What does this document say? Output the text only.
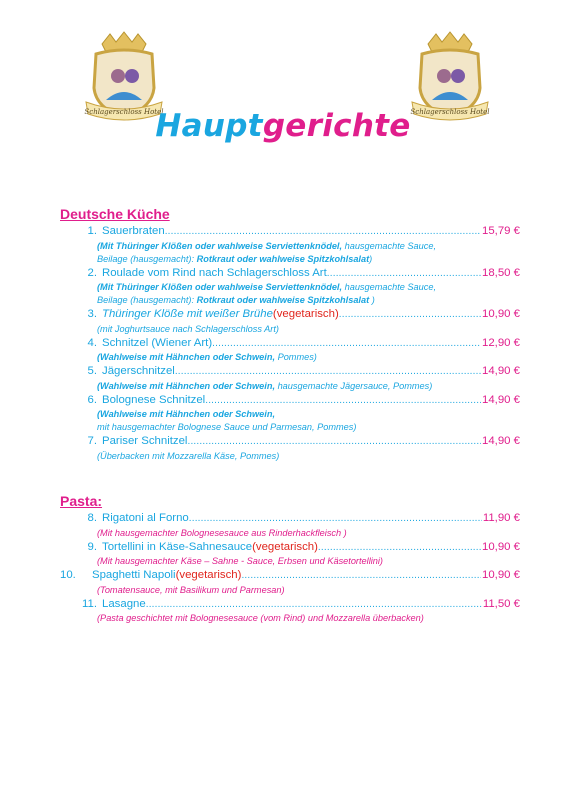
Schlagerschloss Hotel	Schlagerschloss Hotel
Hauptgerichte
Deutsche Küche
1. Sauerbraten .....	15,79 €
(Mit Thüringer Klößen oder wahlweise Serviettenknödel, hausgemachte Sauce,
Beilage (hausgemacht): Rotkraut oder wahlweise Spitzkohlsalat)
2. Roulade vom Rind nach Schlagerschloss Art .....	18,50 €
(Mit Thüringer Klößen oder wahlweise Serviettenknödel, hausgemachte Sauce,
Beilage (hausgemacht): Rotkraut oder wahlweise Spitzkohlsalat )
3. Thüringer Klöße mit weißer Brühe (vegetarisch) .....	10,90 €
(mit Joghurtsauce nach Schlagerschloss Art)
4. Schnitzel (Wiener Art) .....	12,90 €
(Wahlweise mit Hähnchen oder Schwein, Pommes)
5. Jägerschnitzel .....	14,90 €
(Wahlweise mit Hähnchen oder Schwein, hausgemachte Jägersauce, Pommes)
6. Bolognese Schnitzel .....	14,90 €
(Wahlweise mit Hähnchen oder Schwein,
mit hausgemachter Bolognese Sauce und Parmesan, Pommes)
7. Pariser Schnitzel .....	14,90 €
(Überbacken mit Mozzarella Käse, Pommes)
Pasta:
8. Rigatoni al Forno .....	11,90 €
(Mit hausgemachter Bolognesesauce aus Rinderhackfleisch )
9. Tortellini in Käse-Sahnesauce (vegetarisch) .....	10,90 €
(Mit hausgemachter Käse – Sahne - Sauce, Erbsen und Käsetortellini)
10.	Spaghetti Napoli (vegetarisch) .....	10,90 €
(Tomatensauce, mit Basilikum und Parmesan)
11. Lasagne .....	11,50 €
(Pasta geschichtet mit Bolognesesauce (vom Rind) und Mozzarella überbacken)
